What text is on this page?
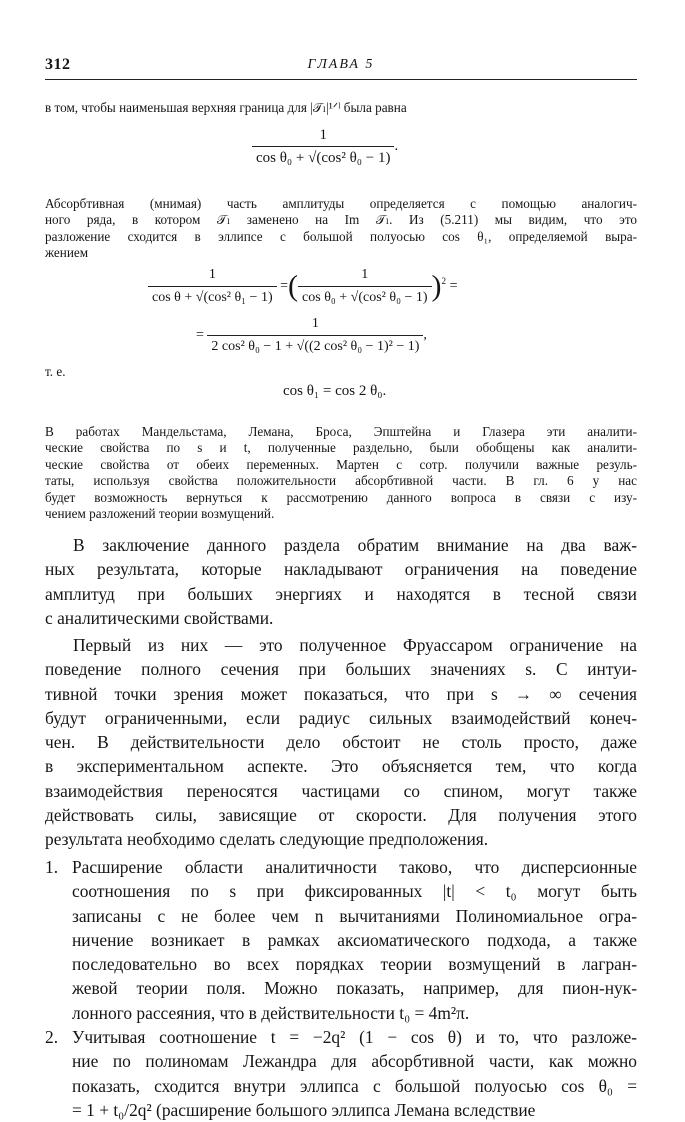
312	ГЛАВА 5
в том, чтобы наименьшая верхняя граница для |𝒯ₗ|¹ᐟˡ была равна
$\frac{1}{\text{cos θ₀ + √(cos² θ₀ − 1)}}$ .
Абсорбтивная (мнимая) часть амплитуды определяется с помощью аналогич-
ного ряда, в котором 𝒯ₗ заменено на Im 𝒯ₗ. Из (5.211) мы видим, что это
разложение сходится в эллипсе с большой полуосью cos θ₁, определяемой выра-
жением
$\frac{1}{\text{cos θ + √(cos² θ₁ − 1)}}$ =( $\frac{1}{\text{cos θ₀ + √(cos² θ₀ − 1)}} )^2$ =
= $\frac{1}{\text{2 cos² θ₀ − 1 + √((2 cos² θ₀ − 1)² − 1)}}$ ,
т. е.
cos θ₁ = cos 2 θ₀.
В работах Мандельстама, Лемана, Броса, Эпштейна и Глазера эти аналити-
ческие свойства по s и t, полученные раздельно, были обобщены как аналити-
ческие свойства от обеих переменных. Мартен с сотр. получили важные резуль-
таты, используя свойства положительности абсорбтивной части. В гл. 6 у нас
будет возможность вернуться к рассмотрению данного вопроса в связи с изу-
чением разложений теории возмущений.
В заключение данного раздела обратим внимание на два важ-
ных результата, которые накладывают ограничения на поведение
амплитуд при больших энергиях и находятся в тесной связи
с аналитическими свойствами.
Первый из них — это полученное Фруассаром ограничение на
поведение полного сечения при больших значениях s. С интуи-
тивной точки зрения может показаться, что при s → ∞ сечения
будут ограниченными, если радиус сильных взаимодействий конеч-
чен. В действительности дело обстоит не столь просто, даже
в экспериментальном аспекте. Это объясняется тем, что когда
взаимодействия переносятся частицами со спином, могут также
действовать силы, зависящие от скорости. Для получения этого
результата необходимо сделать следующие предположения.
1. Расширение области аналитичности таково, что дисперсионные
соотношения по s при фиксированных |t| < t₀ могут быть
записаны с не более чем n вычитаниями Полиномиальное огра-
ничение возникает в рамках аксиоматического подхода, а также
последовательно во всех порядках теории возмущений в лагран-
жевой теории поля. Можно показать, например, для пион-нук-
лонного рассеяния, что в действительности t₀ = 4m²π.
2. Учитывая соотношение t = −2q² (1 − cos θ) и то, что разложе-
ние по полиномам Лежандра для абсорбтивной части, как можно
показать, сходится внутри эллипса с большой полуосью cos θ₀ =
= 1 + t₀/2q² (расширение большого эллипса Лемана вследствие
